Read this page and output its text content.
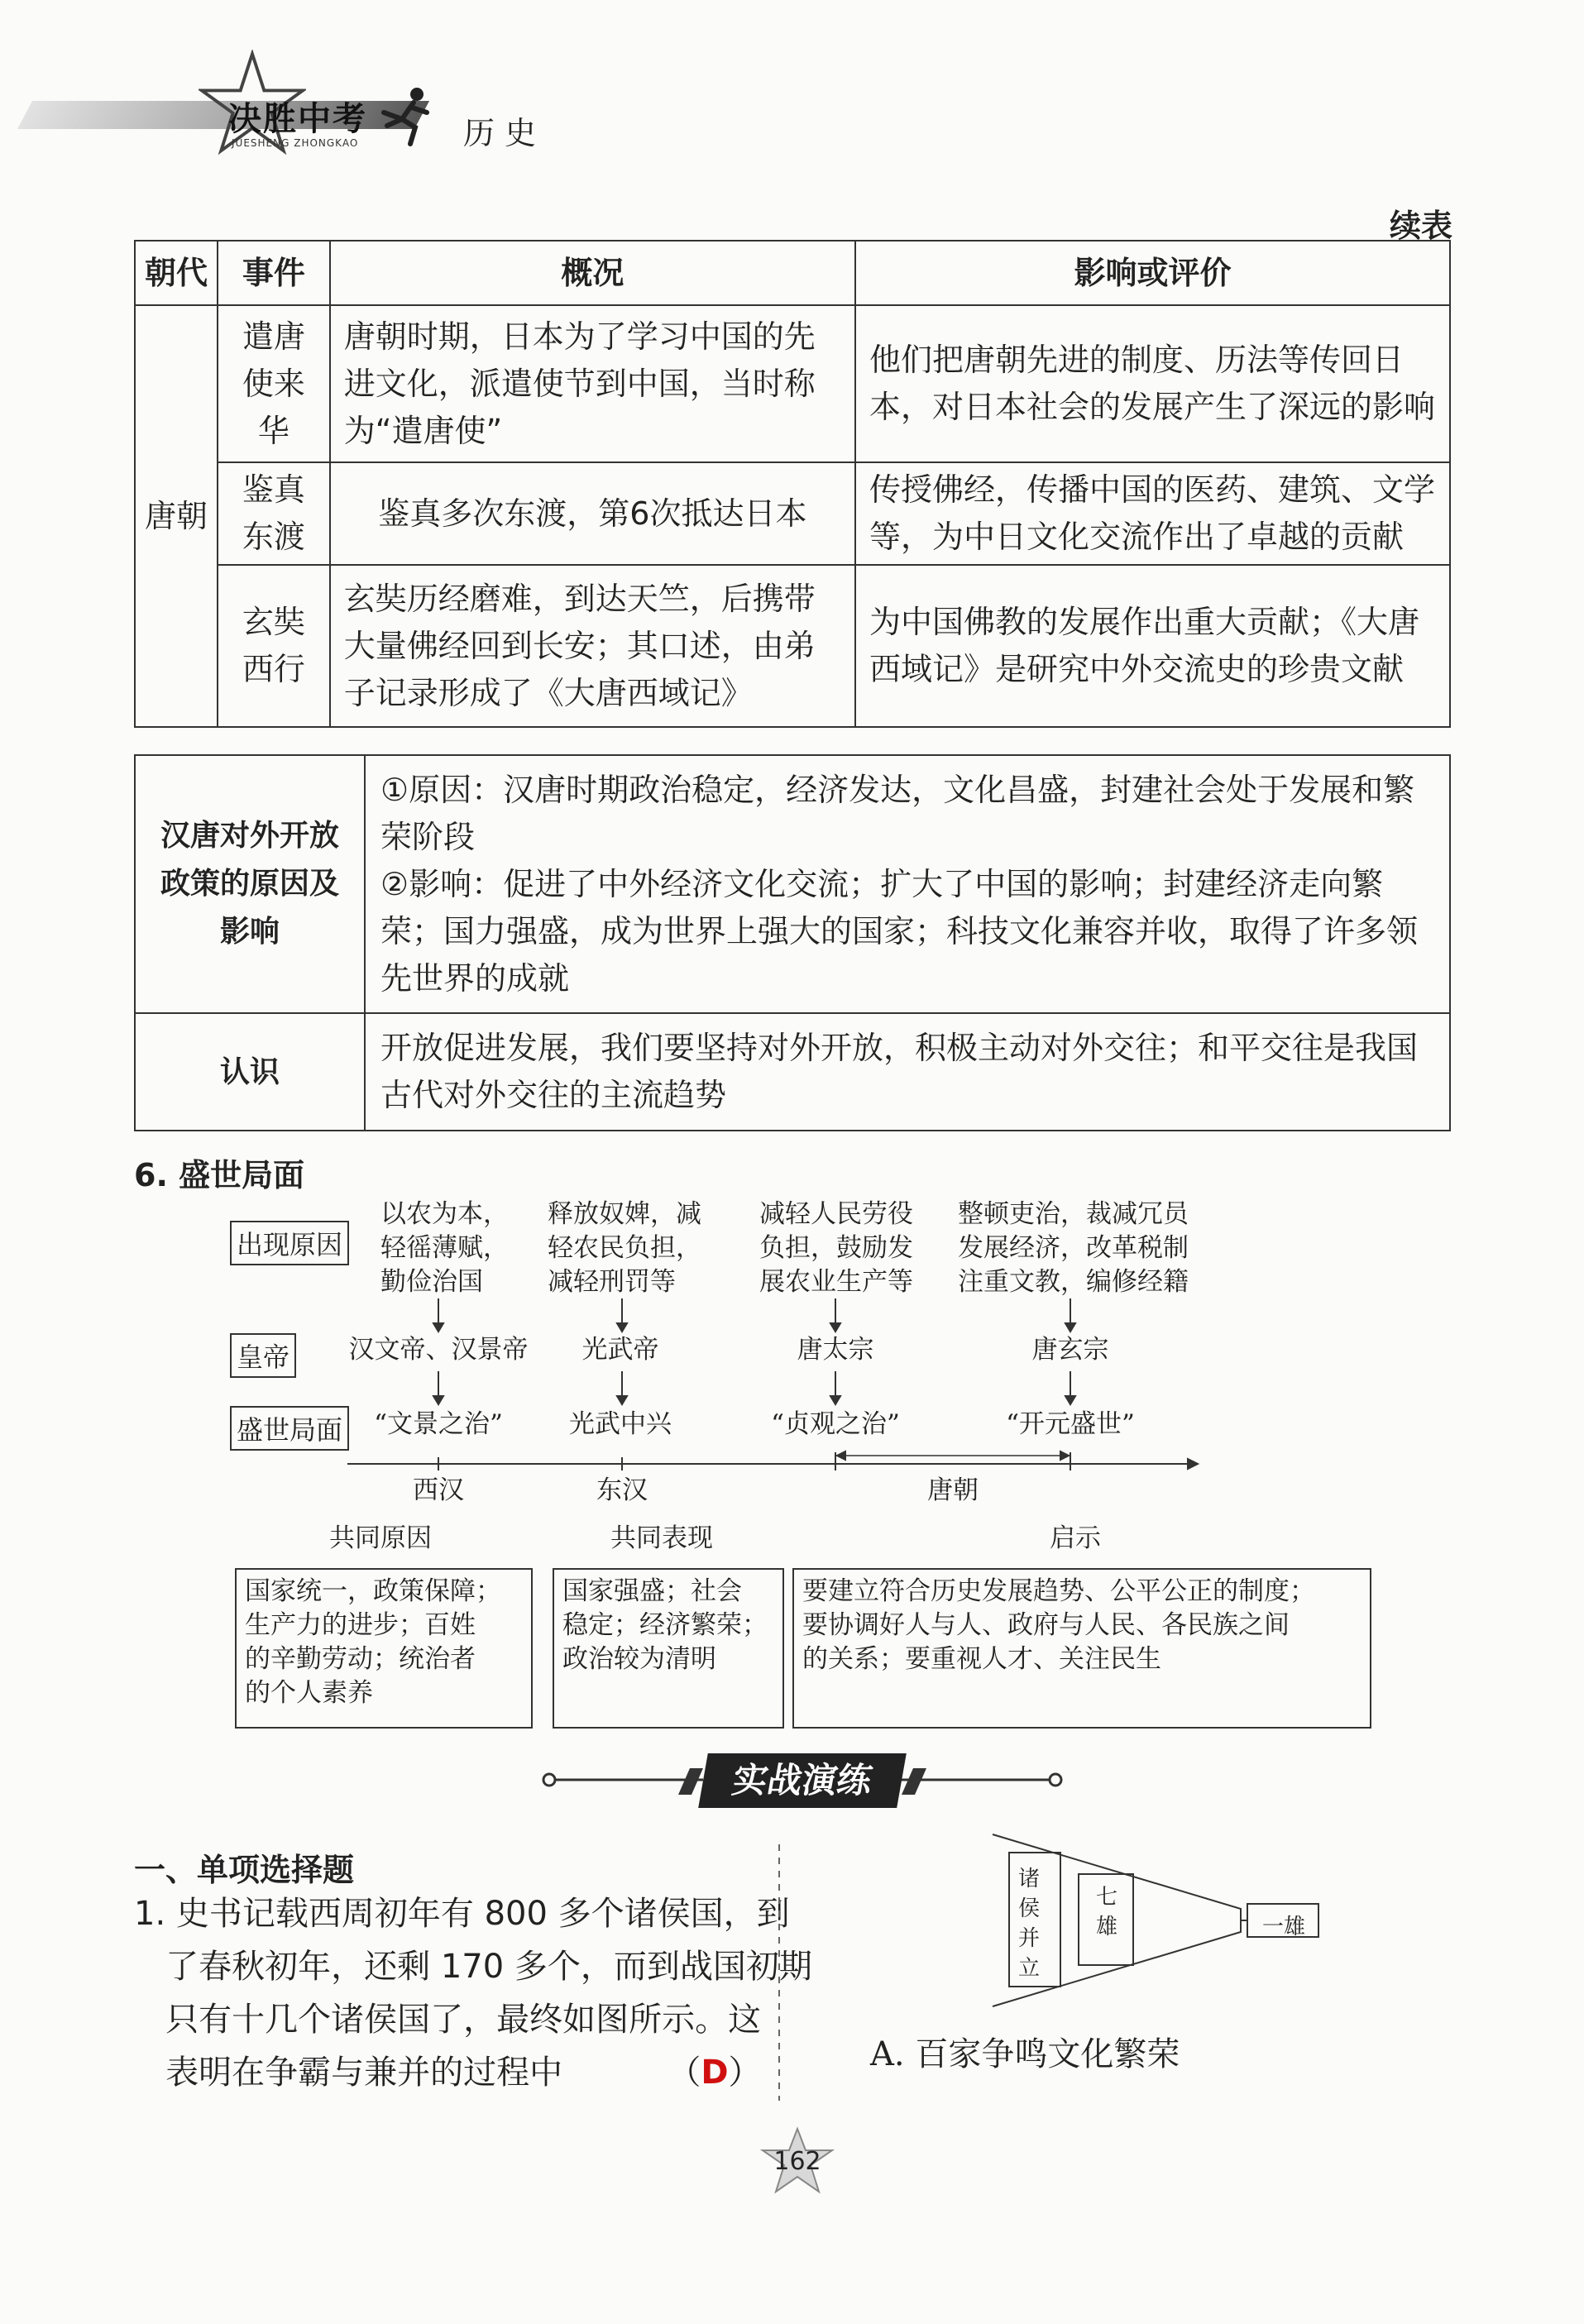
决胜中考
JUESHENG ZHONGKAO	历史
续表
朝代	事件	概况	影响或评价
唐朝	遣唐使来华	唐朝时期，日本为了学习中国的先进文化，派遣使节到中国，当时称为“遣唐使”	他们把唐朝先进的制度、历法等传回日本，对日本社会的发展产生了深远的影响
	鉴真东渡	鉴真多次东渡，第6次抵达日本	传授佛经，传播中国的医药、建筑、文学等，为中日文化交流作出了卓越的贡献
	玄奘西行	玄奘历经磨难，到达天竺，后携带大量佛经回到长安；其口述，由弟子记录形成了《大唐西域记》	为中国佛教的发展作出重大贡献；《大唐西域记》是研究中外交流史的珍贵文献
汉唐对外开放政策的原因及影响	①原因：汉唐时期政治稳定，经济发达，文化昌盛，封建社会处于发展和繁荣阶段
②影响：促进了中外经济文化交流；扩大了中国的影响；封建经济走向繁荣；国力强盛，成为世界上强大的国家；科技文化兼容并收，取得了许多领先世界的成就

认识	开放促进发展，我们要坚持对外开放，积极主动对外交往；和平交往是我国古代对外交往的主流趋势
6. 盛世局面
出现原因
皇帝
盛世局面
以农为本，
轻徭薄赋，
勤俭治国
释放奴婢，减
轻农民负担，
减轻刑罚等
减轻人民劳役
负担，鼓励发
展农业生产等
整顿吏治，裁减冗员
发展经济，改革税制
注重文教，编修经籍
汉文帝、汉景帝	光武帝	唐太宗	唐玄宗
“文景之治”	光武中兴	“贞观之治”	“开元盛世”
西汉	东汉	唐朝
共同原因	共同表现	启示
国家统一，政策保障；
生产力的进步；百姓
的辛勤劳动；统治者
的个人素养
国家强盛；社会
稳定；经济繁荣；
政治较为清明
要建立符合历史发展趋势、公平公正的制度；
要协调好人与人、政府与人民、各民族之间
的关系；要重视人才、关注民生
实战演练
一、单项选择题
1. 史书记载西周初年有 800 多个诸侯国，到
了春秋初年，还剩 170 多个，而到战国初期
只有十几个诸侯国了，最终如图所示。这
表明在争霸与兼并的过程中	（D）
诸侯并立
七雄	一雄
A. 百家争鸣文化繁荣
162
